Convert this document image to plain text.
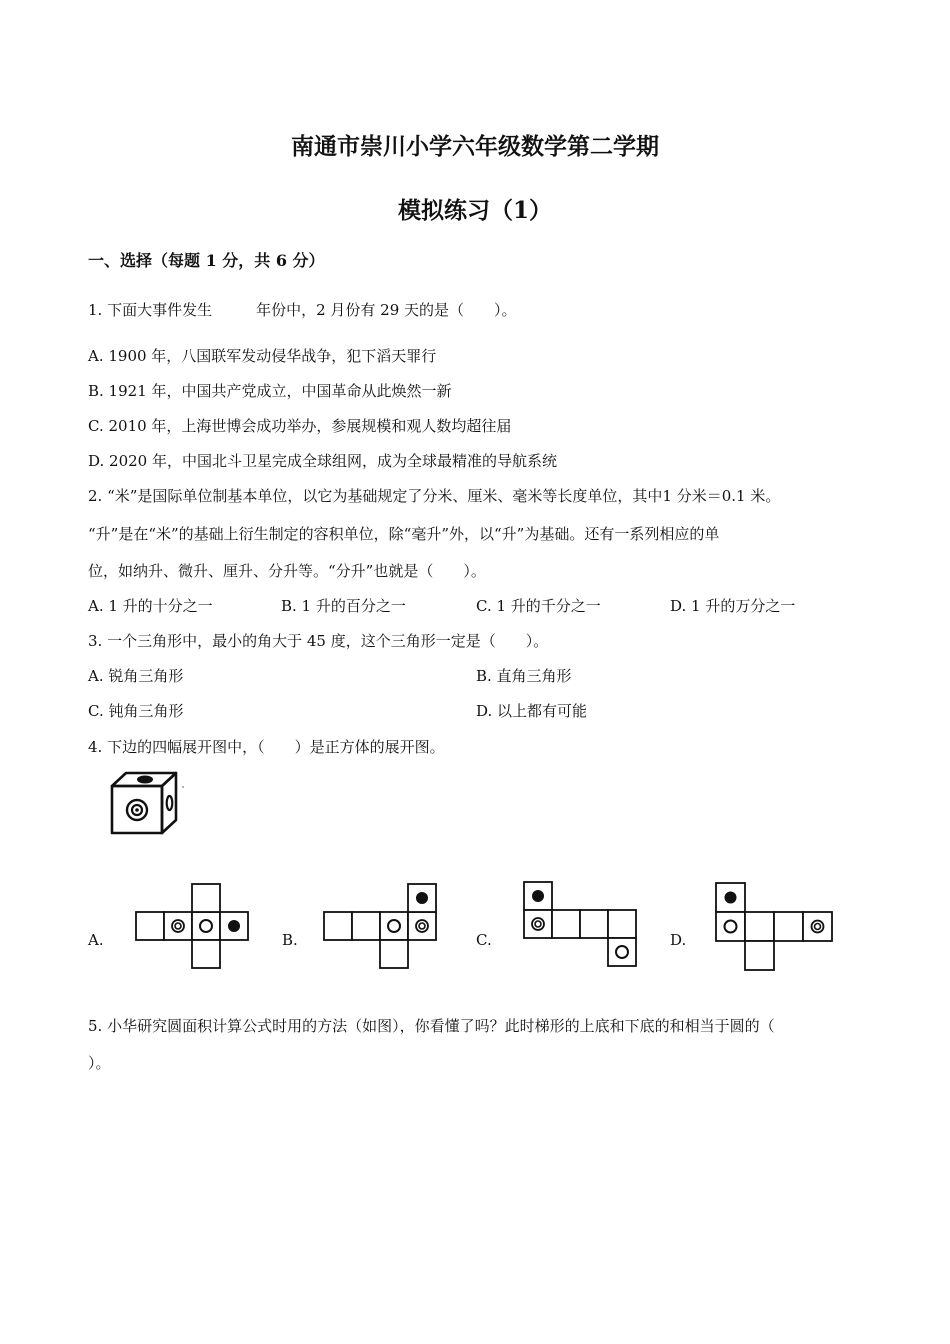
南通市崇川小学六年级数学第二学期
模拟练习（1）
一、选择（每题 1 分，共 6 分）
1. 下面大事件发生	年份中，2 月份有 29 天的是（　　）。
A. 1900 年，八国联军发动侵华战争，犯下滔天罪行
B. 1921 年，中国共产党成立，中国革命从此焕然一新
C. 2010 年，上海世博会成功举办，参展规模和观人数均超往届
D. 2020 年，中国北斗卫星完成全球组网，成为全球最精准的导航系统
2. “米”是国际单位制基本单位，以它为基础规定了分米、厘米、毫米等长度单位，其中1 分米＝0.1 米。
“升”是在“米”的基础上衍生制定的容积单位，除“毫升”外，以“升”为基础。还有一系列相应的单
位，如纳升、微升、厘升、分升等。“分升”也就是（　　）。
A. 1 升的十分之一	B. 1 升的百分之一	C. 1 升的千分之一	D. 1 升的万分之一
3. 一个三角形中，最小的角大于 45 度，这个三角形一定是（　　）。
A. 锐角三角形	B. 直角三角形
C. 钝角三角形	D. 以上都有可能
4. 下边的四幅展开图中，（　　）是正方体的展开图。
A.	B.	C.	D.
5. 小华研究圆面积计算公式时用的方法（如图），你看懂了吗？此时梯形的上底和下底的和相当于圆的（
）。
